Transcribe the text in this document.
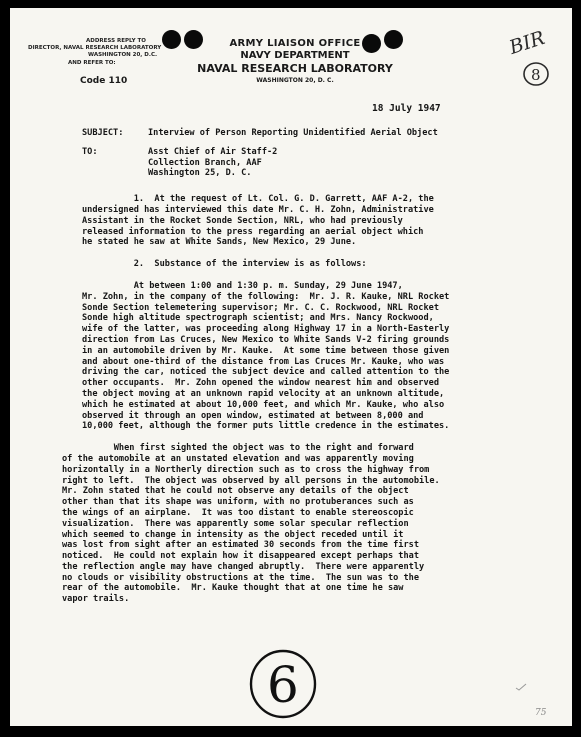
ADDRESS REPLY TO
DIRECTOR, NAVAL RESEARCH LABORATORY
WASHINGTON 20, D.C.
AND REFER TO:
Code 110
ARMY LIAISON OFFICE
NAVY DEPARTMENT
NAVAL RESEARCH LABORATORY
WASHINGTON 20, D. C.
BIR
8
18 July 1947
SUBJECT:	Interview of Person Reporting Unidentified Aerial Object
TO:	Asst Chief of Air Staff-2
Collection Branch, AAF
Washington 25, D. C.
1.  At the request of Lt. Col. G. D. Garrett, AAF A-2, the
undersigned has interviewed this date Mr. C. H. Zohn, Administrative
Assistant in the Rocket Sonde Section, NRL, who had previously
released information to the press regarding an aerial object which
he stated he saw at White Sands, New Mexico, 29 June.
2.  Substance of the interview is as follows:
At between 1:00 and 1:30 p. m. Sunday, 29 June 1947,
Mr. Zohn, in the company of the following:  Mr. J. R. Kauke, NRL Rocket
Sonde Section telemetering supervisor; Mr. C. C. Rockwood, NRL Rocket
Sonde high altitude spectrograph scientist; and Mrs. Nancy Rockwood,
wife of the latter, was proceeding along Highway 17 in a North-Easterly
direction from Las Cruces, New Mexico to White Sands V-2 firing grounds
in an automobile driven by Mr. Kauke.  At some time between those given
and about one-third of the distance from Las Cruces Mr. Kauke, who was
driving the car, noticed the subject device and called attention to the
other occupants.  Mr. Zohn opened the window nearest him and observed
the object moving at an unknown rapid velocity at an unknown altitude,
which he estimated at about 10,000 feet, and which Mr. Kauke, who also
observed it through an open window, estimated at between 8,000 and
10,000 feet, although the former puts little credence in the estimates.
When first sighted the object was to the right and forward
of the automobile at an unstated elevation and was apparently moving
horizontally in a Northerly direction such as to cross the highway from
right to left.  The object was observed by all persons in the automobile.
Mr. Zohn stated that he could not observe any details of the object
other than that its shape was uniform, with no protuberances such as
the wings of an airplane.  It was too distant to enable stereoscopic
visualization.  There was apparently some solar specular reflection
which seemed to change in intensity as the object receded until it
was lost from sight after an estimated 30 seconds from the time first
noticed.  He could not explain how it disappeared except perhaps that
the reflection angle may have changed abruptly.  There were apparently
no clouds or visibility obstructions at the time.  The sun was to the
rear of the automobile.  Mr. Kauke thought that at one time he saw
vapor trails.
6	75
